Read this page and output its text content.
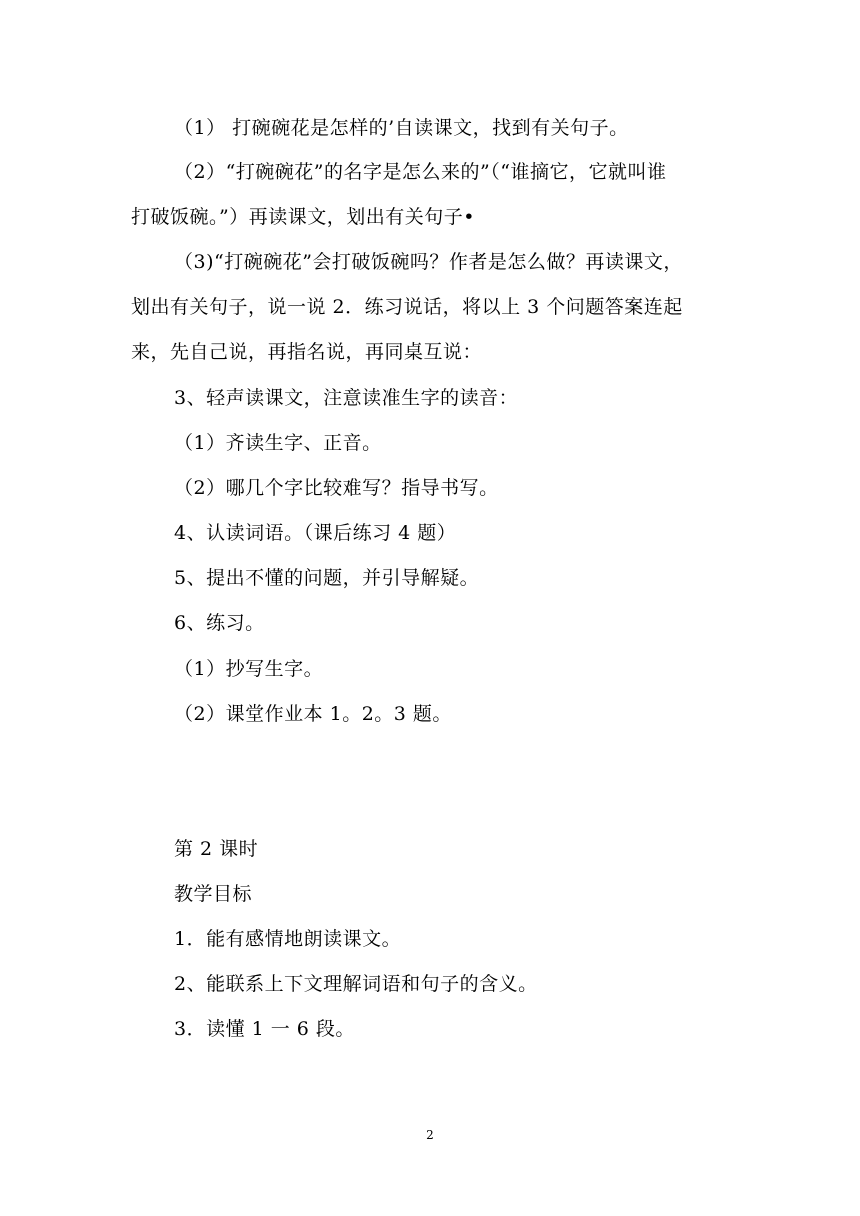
（1） 打碗碗花是怎样的’自读课文，找到有关句子。
（2）“打碗碗花”的名字是怎么来的”（“谁摘它，它就叫谁
打破饭碗。”）再读课文，划出有关句子•
（3)“打碗碗花”会打破饭碗吗？作者是怎么做？再读课文，
划出有关句子，说一说 2．练习说话，将以上 3 个问题答案连起
来，先自己说，再指名说，再同桌互说：
3、轻声读课文，注意读准生字的读音：
（1）齐读生字、正音。
（2）哪几个字比较难写？指导书写。
4、认读词语。（课后练习 4 题）
5、提出不懂的问题，并引导解疑。
6、练习。
（1）抄写生字。
（2）课堂作业本 1。2。3 题。
第 2 课时
教学目标
1．能有感情地朗读课文。
2、能联系上下文理解词语和句子的含义。
3．读懂 1 一 6 段。
2
